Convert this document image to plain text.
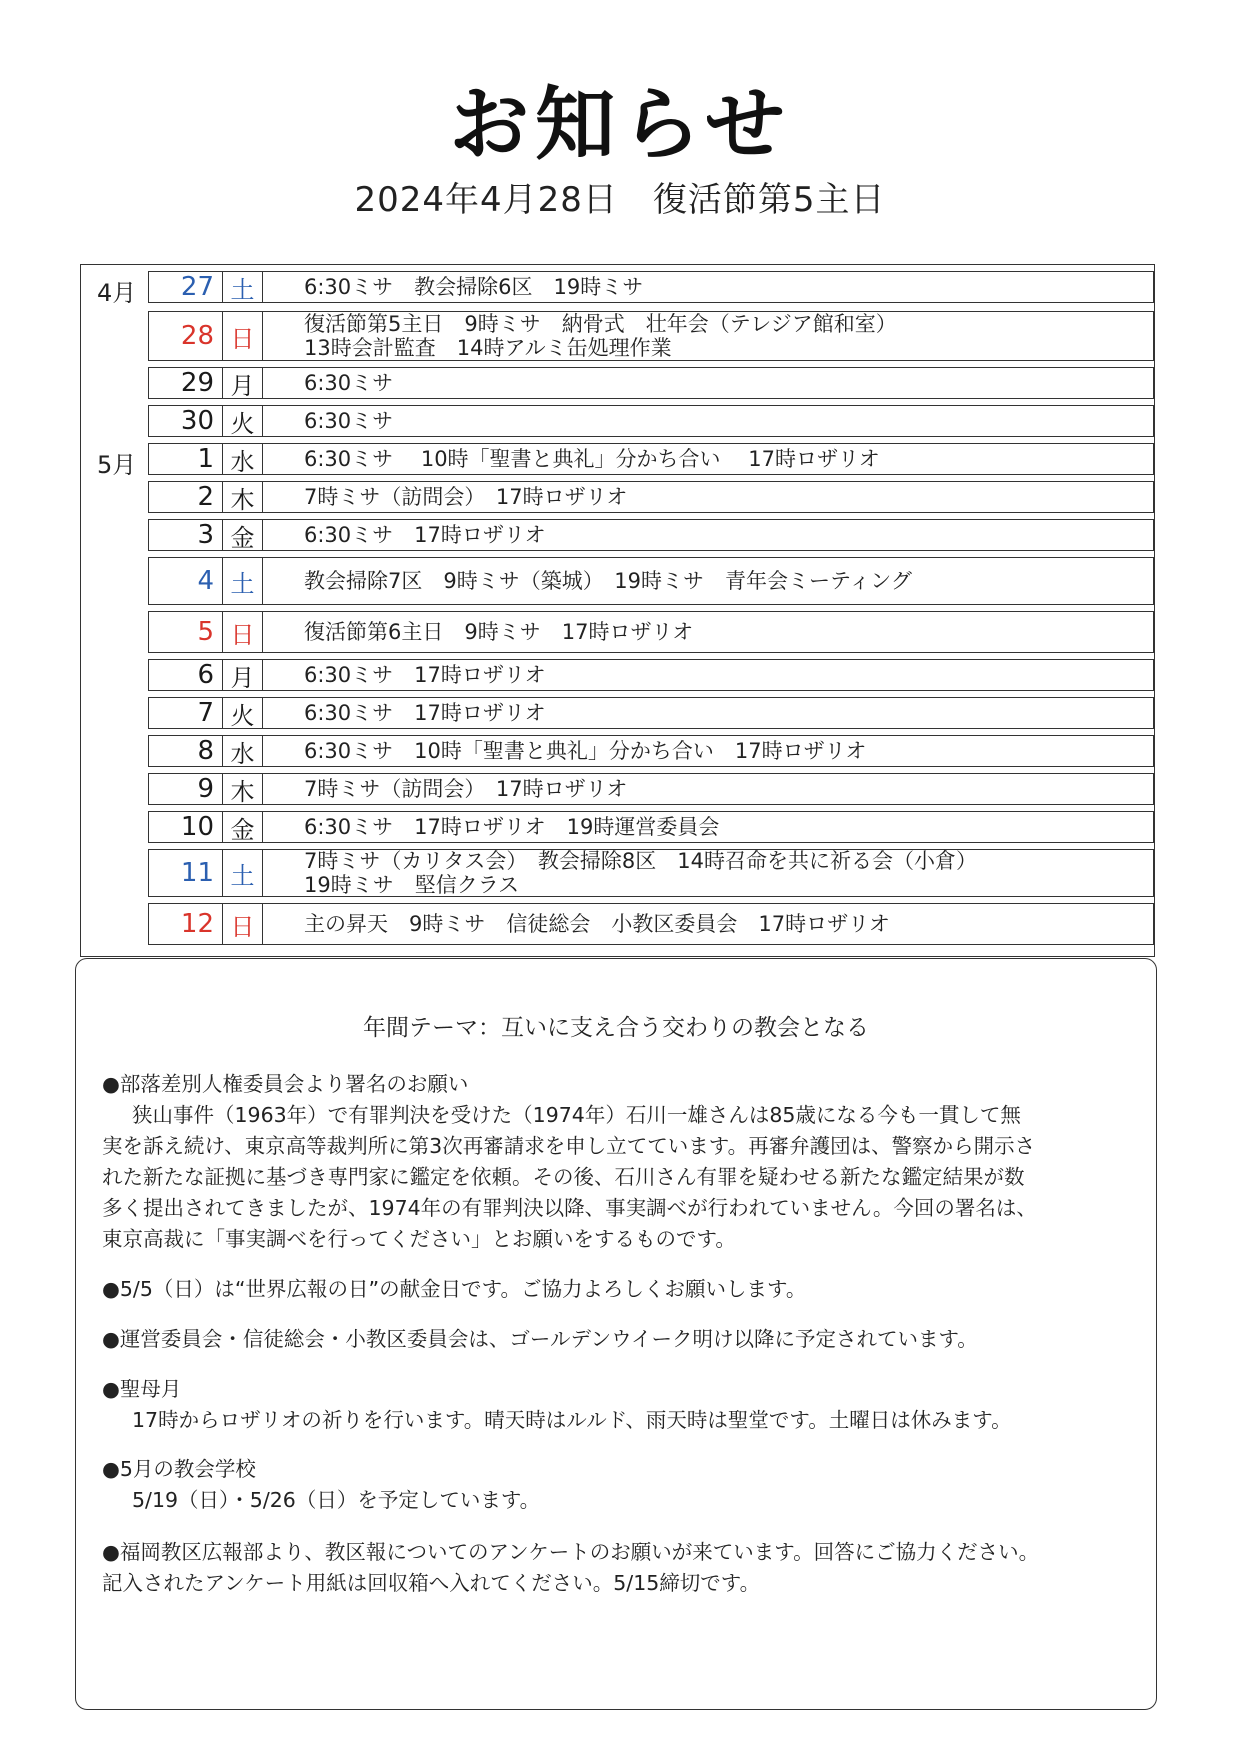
お知らせ
2024年4月28日　復活節第5主日
4月
5月
27 土	6:30ミサ　教会掃除6区　19時ミサ
28 日
復活節第5主日　9時ミサ　納骨式　壮年会（テレジア館和室）
13時会計監査　14時アルミ缶処理作業
29 月	6:30ミサ
30 火	6:30ミサ
1 水	6:30ミサ　 10時「聖書と典礼」分かち合い　 17時ロザリオ
2 木	7時ミサ（訪問会）　17時ロザリオ
3 金	6:30ミサ　17時ロザリオ
4 土	教会掃除7区　9時ミサ（築城）　19時ミサ　青年会ミーティング
5 日	復活節第6主日　9時ミサ　17時ロザリオ
6 月	6:30ミサ　17時ロザリオ
7 火	6:30ミサ　17時ロザリオ
8 水	6:30ミサ　10時「聖書と典礼」分かち合い　17時ロザリオ
9 木	7時ミサ（訪問会）　17時ロザリオ
10 金	6:30ミサ　17時ロザリオ　19時運営委員会
11 土
7時ミサ（カリタス会）　教会掃除8区　14時召命を共に祈る会（小倉）
19時ミサ　堅信クラス
12 日	主の昇天　9時ミサ　信徒総会　小教区委員会　17時ロザリオ
年間テーマ：互いに支え合う交わりの教会となる

●部落差別人権委員会より署名のお願い

狭山事件（1963年）で有罪判決を受けた（1974年）石川一雄さんは85歳になる今も一貫して無

実を訴え続け、東京高等裁判所に第3次再審請求を申し立てています。再審弁護団は、警察から開示さ

れた新たな証拠に基づき専門家に鑑定を依頼。その後、石川さん有罪を疑わせる新たな鑑定結果が数

多く提出されてきましたが、1974年の有罪判決以降、事実調べが行われていません。今回の署名は、

東京高裁に「事実調べを行ってください」とお願いをするものです。

●5/5（日）は“世界広報の日”の献金日です。ご協力よろしくお願いします。

●運営委員会・信徒総会・小教区委員会は、ゴールデンウイーク明け以降に予定されています。

●聖母月

17時からロザリオの祈りを行います。晴天時はルルド、雨天時は聖堂です。土曜日は休みます。

●5月の教会学校

5/19（日）・5/26（日）を予定しています。

●福岡教区広報部より、教区報についてのアンケートのお願いが来ています。回答にご協力ください。

記入されたアンケート用紙は回収箱へ入れてください。5/15締切です。
